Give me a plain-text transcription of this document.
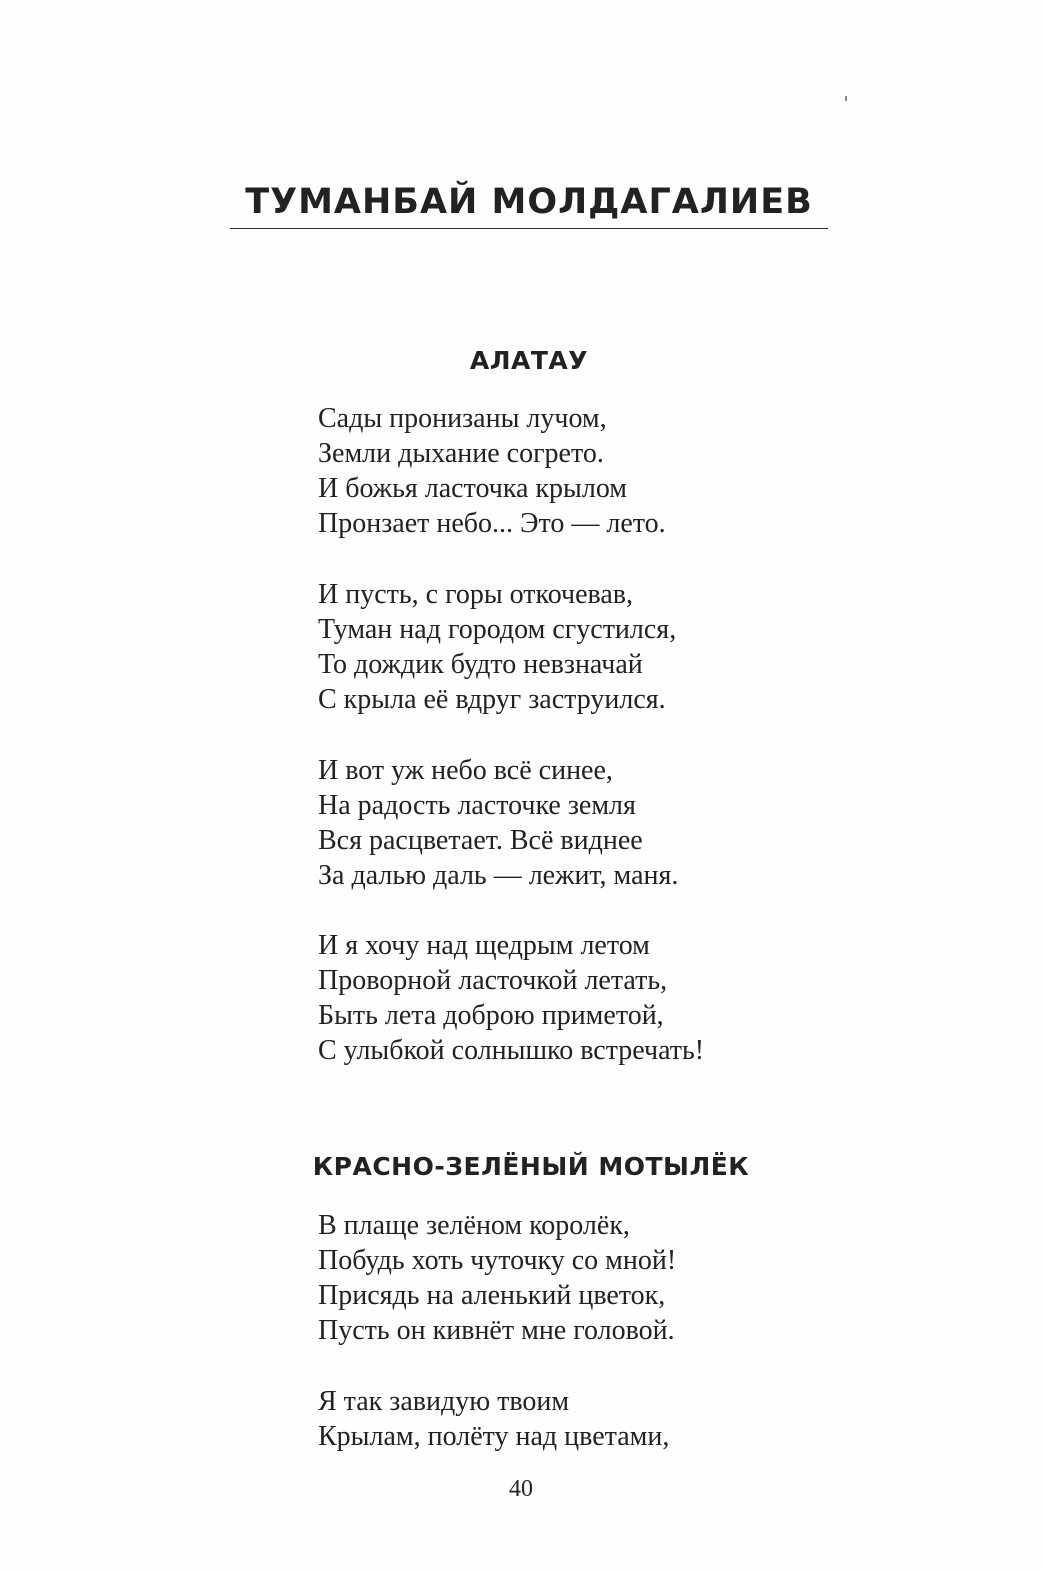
ТУМАНБАЙ МОЛДАГАЛИЕВ
АЛАТАУ
Сады пронизаны лучом,
Земли дыхание согрето.
И божья ласточка крылом
Пронзает небо... Это — лето.
И пусть, с горы откочевав,
Туман над городом сгустился,
То дождик будто невзначай
С крыла её вдруг заструился.
И вот уж небо всё синее,
На радость ласточке земля
Вся расцветает. Всё виднее
За далью даль — лежит, маня.
И я хочу над щедрым летом
Проворной ласточкой летать,
Быть лета доброю приметой,
С улыбкой солнышко встречать!
КРАСНО-ЗЕЛЁНЫЙ МОТЫЛЁК
В плаще зелёном королёк,
Побудь хоть чуточку со мной!
Присядь на аленький цветок,
Пусть он кивнёт мне головой.
Я так завидую твоим
Крылам, полёту над цветами,
40
